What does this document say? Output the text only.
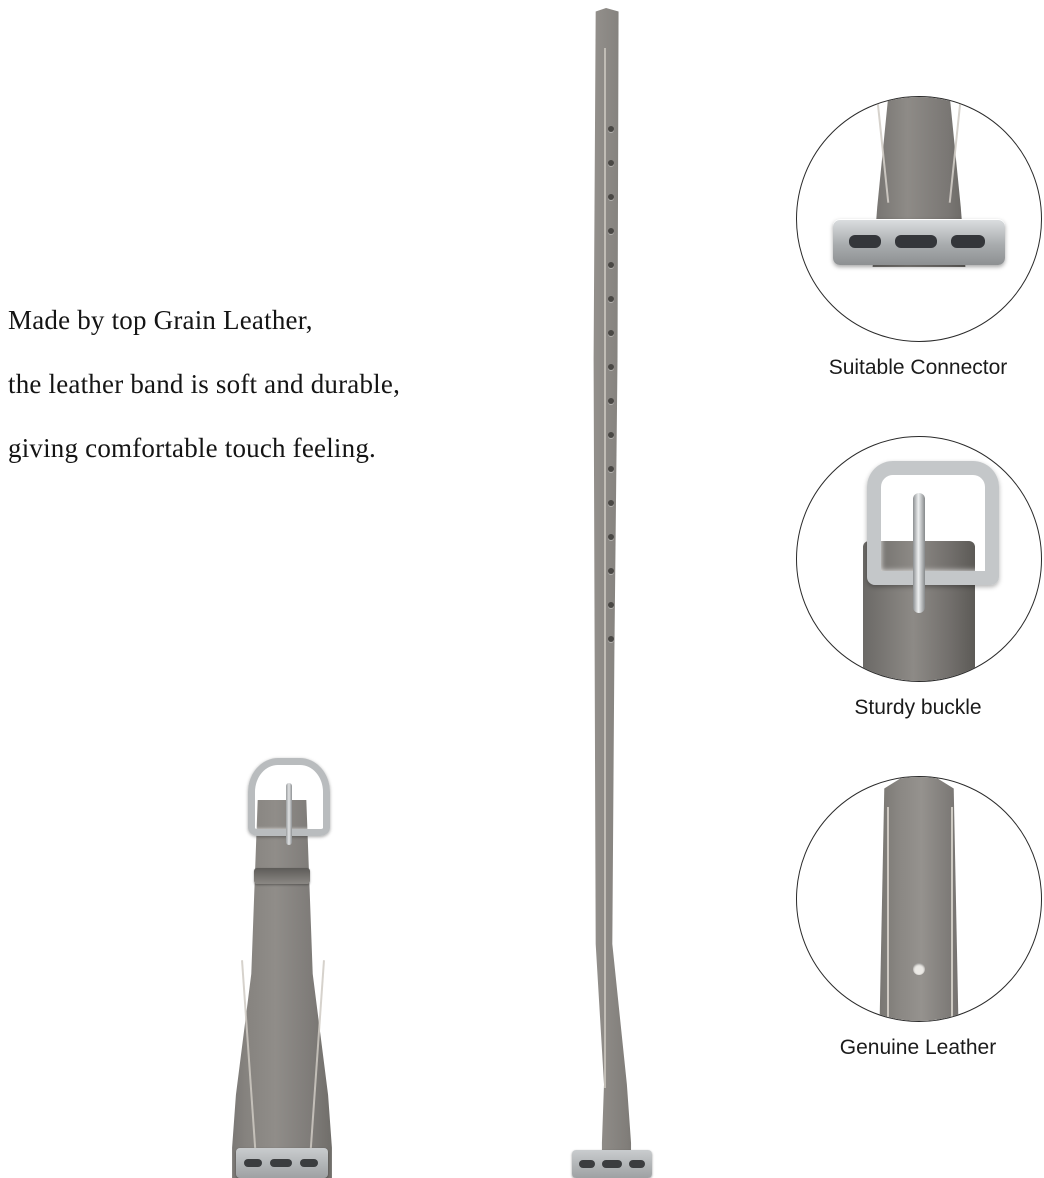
Made by top Grain Leather,
the leather band is soft and durable,
giving comfortable touch feeling.
Suitable Connector
Sturdy buckle
Genuine Leather
